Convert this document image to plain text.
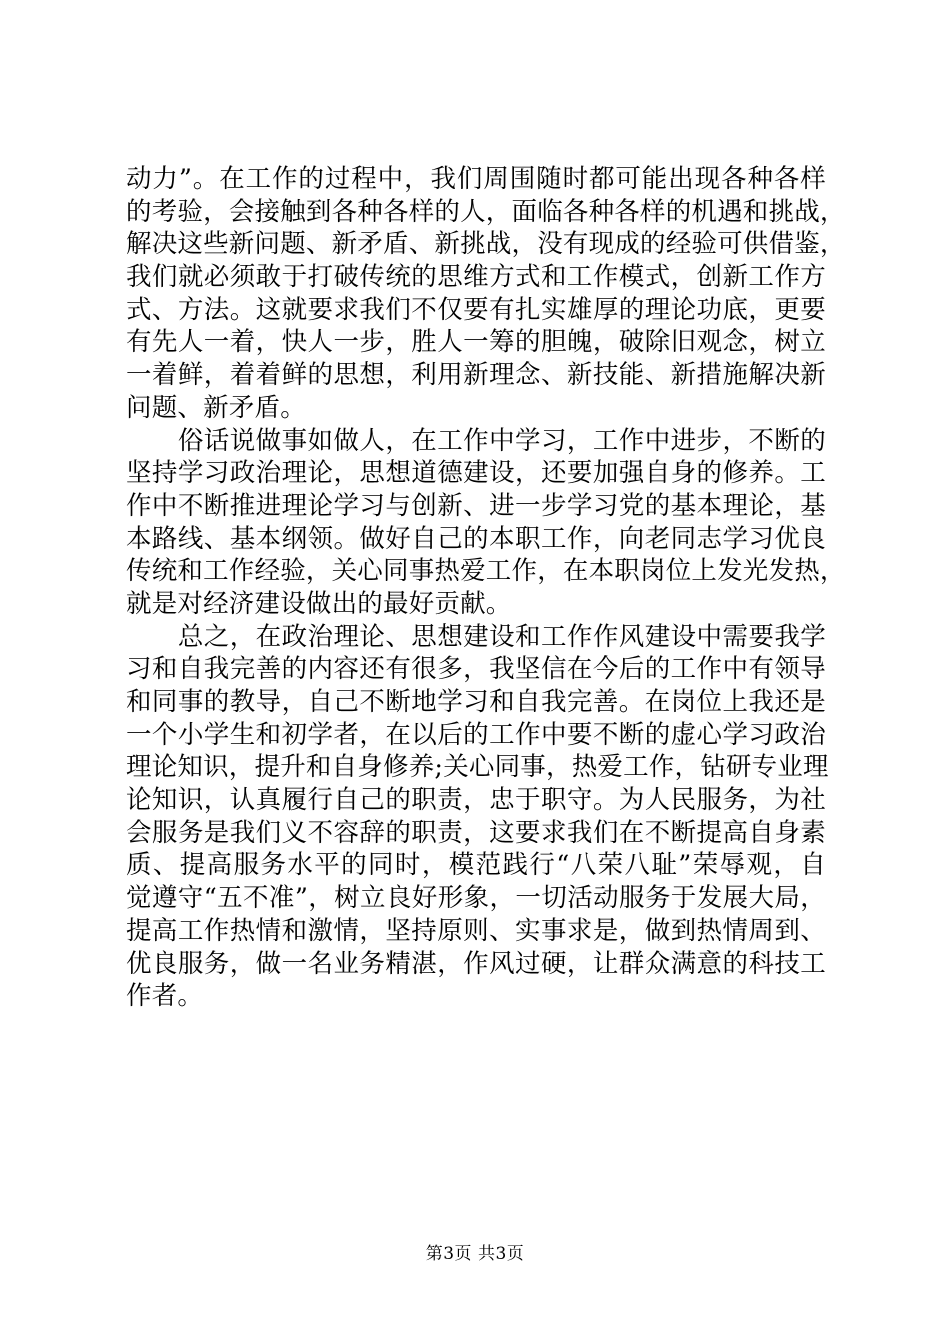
动力”。在工作的过程中，我们周围随时都可能出现各种各样
的考验，会接触到各种各样的人，面临各种各样的机遇和挑战，
解决这些新问题、新矛盾、新挑战，没有现成的经验可供借鉴，
我们就必须敢于打破传统的思维方式和工作模式，创新工作方
式、方法。这就要求我们不仅要有扎实雄厚的理论功底，更要
有先人一着，快人一步，胜人一筹的胆魄，破除旧观念，树立
一着鲜，着着鲜的思想，利用新理念、新技能、新措施解决新
问题、新矛盾。
　　俗话说做事如做人，在工作中学习，工作中进步，不断的
坚持学习政治理论，思想道德建设，还要加强自身的修养。工
作中不断推进理论学习与创新、进一步学习党的基本理论，基
本路线、基本纲领。做好自己的本职工作，向老同志学习优良
传统和工作经验，关心同事热爱工作，在本职岗位上发光发热，
就是对经济建设做出的最好贡献。
　　总之，在政治理论、思想建设和工作作风建设中需要我学
习和自我完善的内容还有很多，我坚信在今后的工作中有领导
和同事的教导，自己不断地学习和自我完善。在岗位上我还是
一个小学生和初学者，在以后的工作中要不断的虚心学习政治
理论知识，提升和自身修养;关心同事，热爱工作，钻研专业理
论知识，认真履行自己的职责，忠于职守。为人民服务，为社
会服务是我们义不容辞的职责，这要求我们在不断提高自身素
质、提高服务水平的同时，模范践行“八荣八耻”荣辱观，自
觉遵守“五不准”，树立良好形象，一切活动服务于发展大局，
提高工作热情和激情，坚持原则、实事求是，做到热情周到、
优良服务，做一名业务精湛，作风过硬，让群众满意的科技工
作者。
第3页 共3页
